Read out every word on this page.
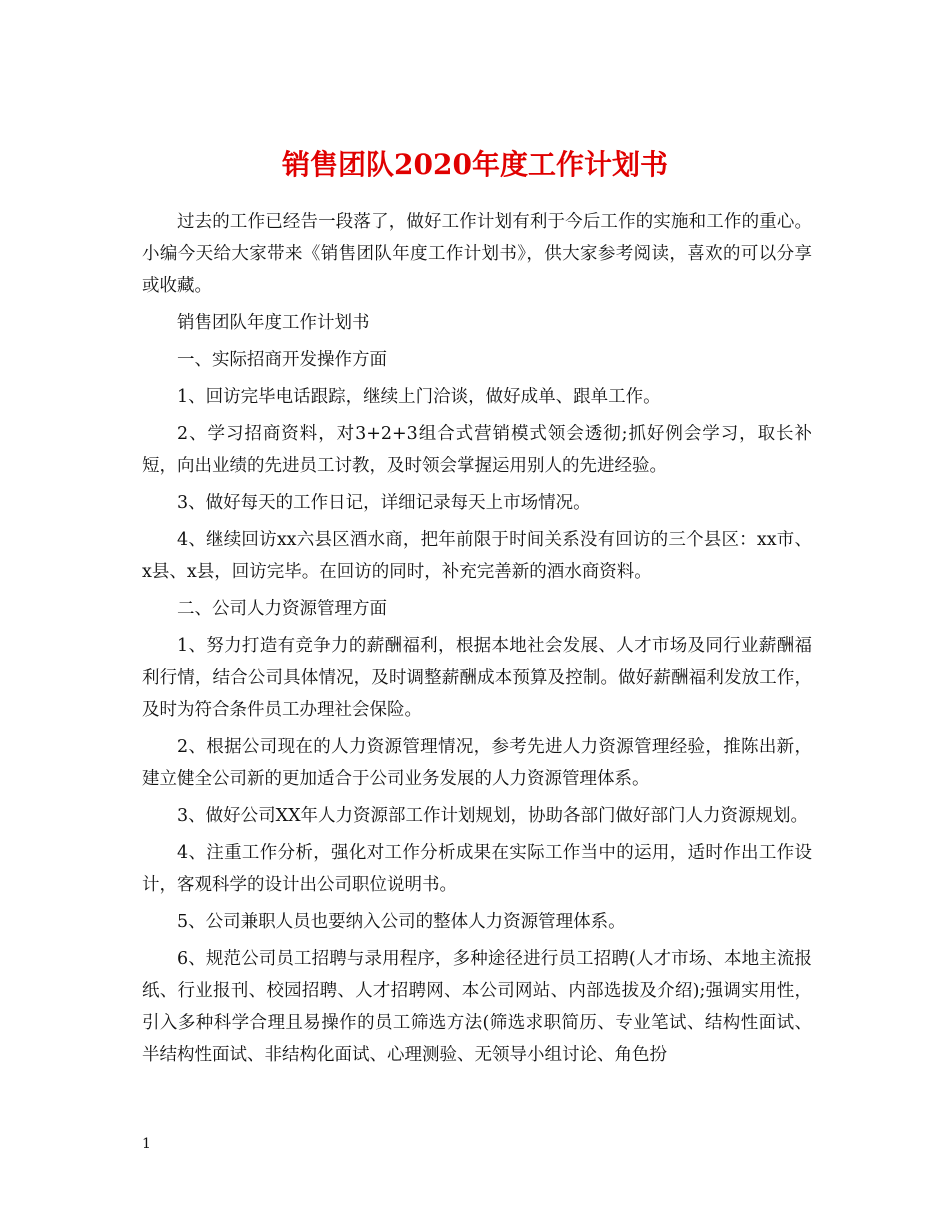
销售团队2020年度工作计划书

过去的工作已经告一段落了，做好工作计划有利于今后工作的实施和工作的重心。小编今天给大家带来《销售团队年度工作计划书》，供大家参考阅读，喜欢的可以分享或收藏。

销售团队年度工作计划书

一、实际招商开发操作方面

1、回访完毕电话跟踪，继续上门洽谈，做好成单、跟单工作。

2、学习招商资料，对3+2+3组合式营销模式领会透彻;抓好例会学习，取长补短，向出业绩的先进员工讨教，及时领会掌握运用别人的先进经验。

3、做好每天的工作日记，详细记录每天上市场情况。

4、继续回访xx六县区酒水商，把年前限于时间关系没有回访的三个县区：xx市、x县、x县，回访完毕。在回访的同时，补充完善新的酒水商资料。

二、公司人力资源管理方面

1、努力打造有竞争力的薪酬福利，根据本地社会发展、人才市场及同行业薪酬福利行情，结合公司具体情况，及时调整薪酬成本预算及控制。做好薪酬福利发放工作，及时为符合条件员工办理社会保险。

2、根据公司现在的人力资源管理情况，参考先进人力资源管理经验，推陈出新，建立健全公司新的更加适合于公司业务发展的人力资源管理体系。

3、做好公司XX年人力资源部工作计划规划，协助各部门做好部门人力资源规划。

4、注重工作分析，强化对工作分析成果在实际工作当中的运用，适时作出工作设计，客观科学的设计出公司职位说明书。

5、公司兼职人员也要纳入公司的整体人力资源管理体系。

6、规范公司员工招聘与录用程序，多种途径进行员工招聘(人才市场、本地主流报纸、行业报刊、校园招聘、人才招聘网、本公司网站、内部选拔及介绍);强调实用性，引入多种科学合理且易操作的员工筛选方法(筛选求职简历、专业笔试、结构性面试、半结构性面试、非结构化面试、心理测验、无领导小组讨论、角色扮

1
